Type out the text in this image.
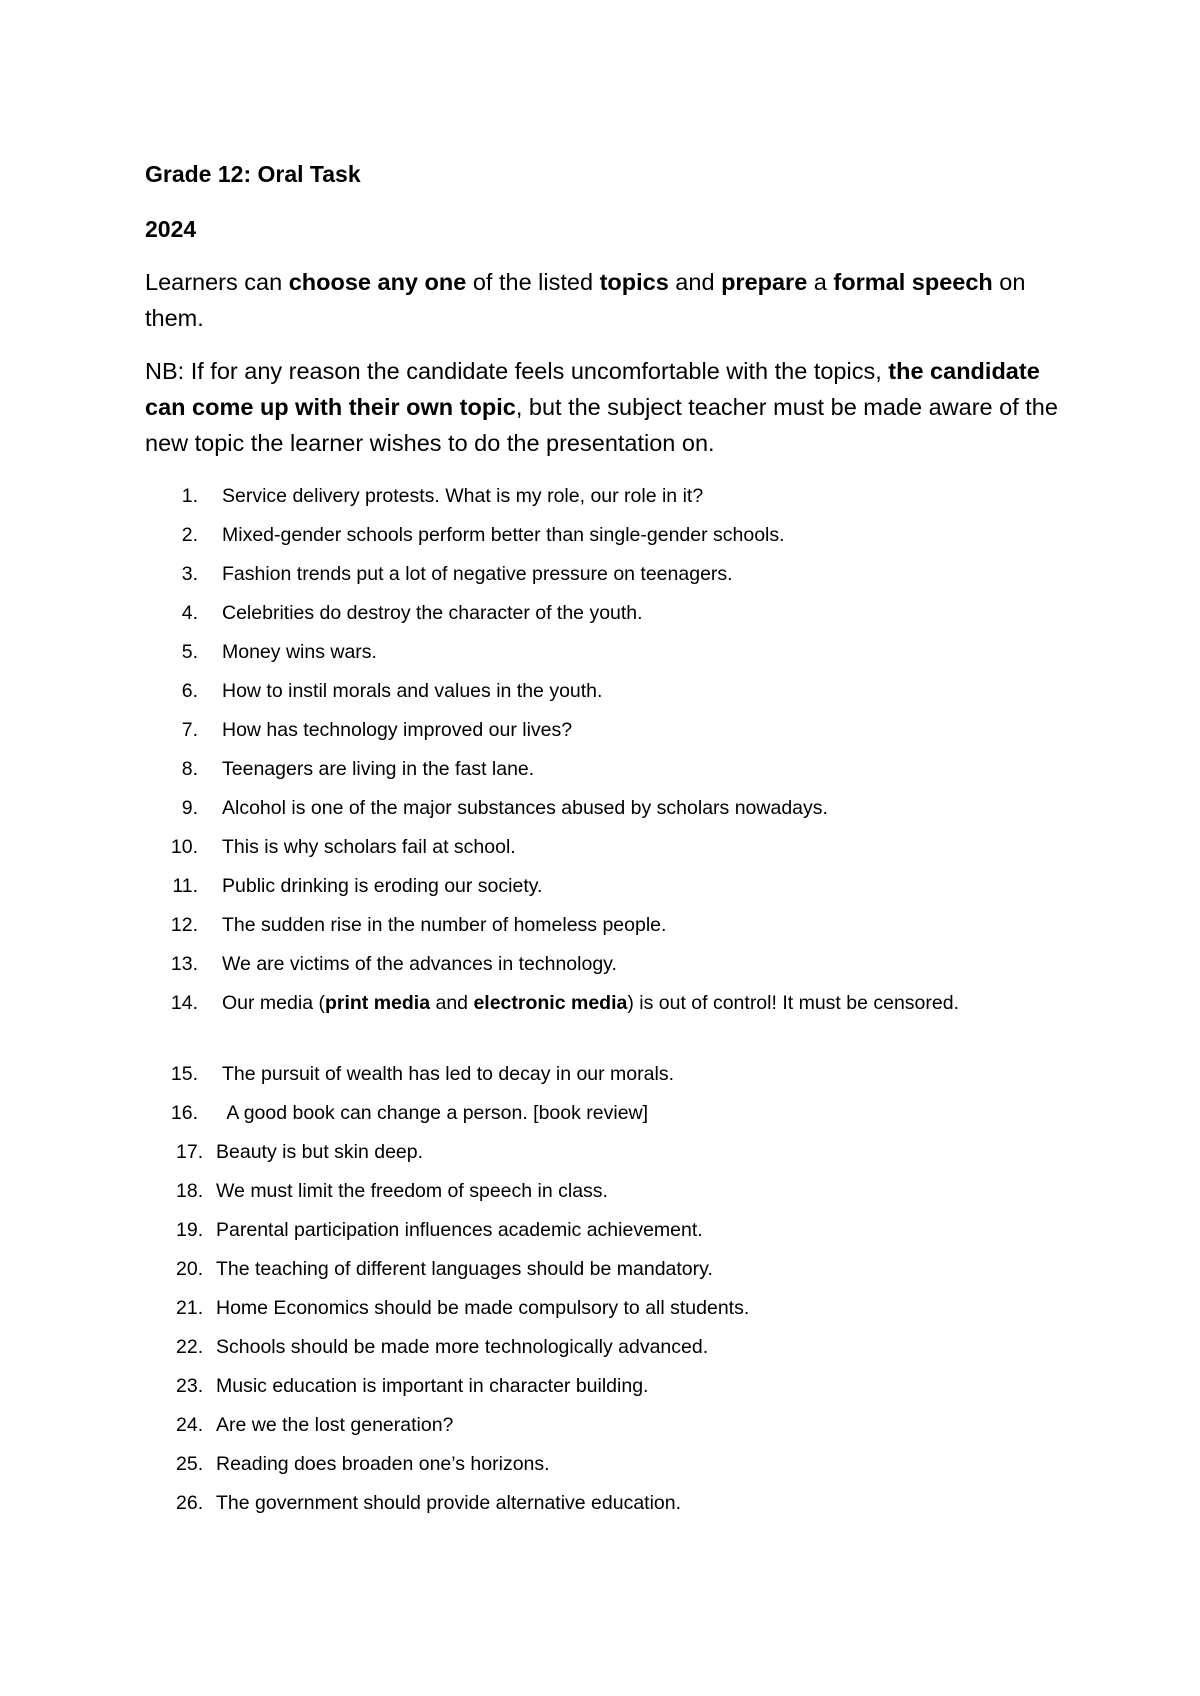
Grade 12: Oral Task
2024

Learners can choose any one of the listed topics and prepare a formal speech on them.

NB: If for any reason the candidate feels uncomfortable with the topics, the candidate can come up with their own topic, but the subject teacher must be made aware of the new topic the learner wishes to do the presentation on.

1. Service delivery protests. What is my role, our role in it?
2. Mixed-gender schools perform better than single-gender schools.
3. Fashion trends put a lot of negative pressure on teenagers.
4. Celebrities do destroy the character of the youth.
5. Money wins wars.
6. How to instil morals and values in the youth.
7. How has technology improved our lives?
8. Teenagers are living in the fast lane.
9. Alcohol is one of the major substances abused by scholars nowadays.
10. This is why scholars fail at school.
11. Public drinking is eroding our society.
12. The sudden rise in the number of homeless people.
13. We are victims of the advances in technology.
14. Our media (print media and electronic media) is out of control! It must be censored.
15. The pursuit of wealth has led to decay in our morals.
16. A good book can change a person. [book review]
17. Beauty is but skin deep.
18. We must limit the freedom of speech in class.
19. Parental participation influences academic achievement.
20. The teaching of different languages should be mandatory.
21. Home Economics should be made compulsory to all students.
22. Schools should be made more technologically advanced.
23. Music education is important in character building.
24. Are we the lost generation?
25. Reading does broaden one’s horizons.
26. The government should provide alternative education.
